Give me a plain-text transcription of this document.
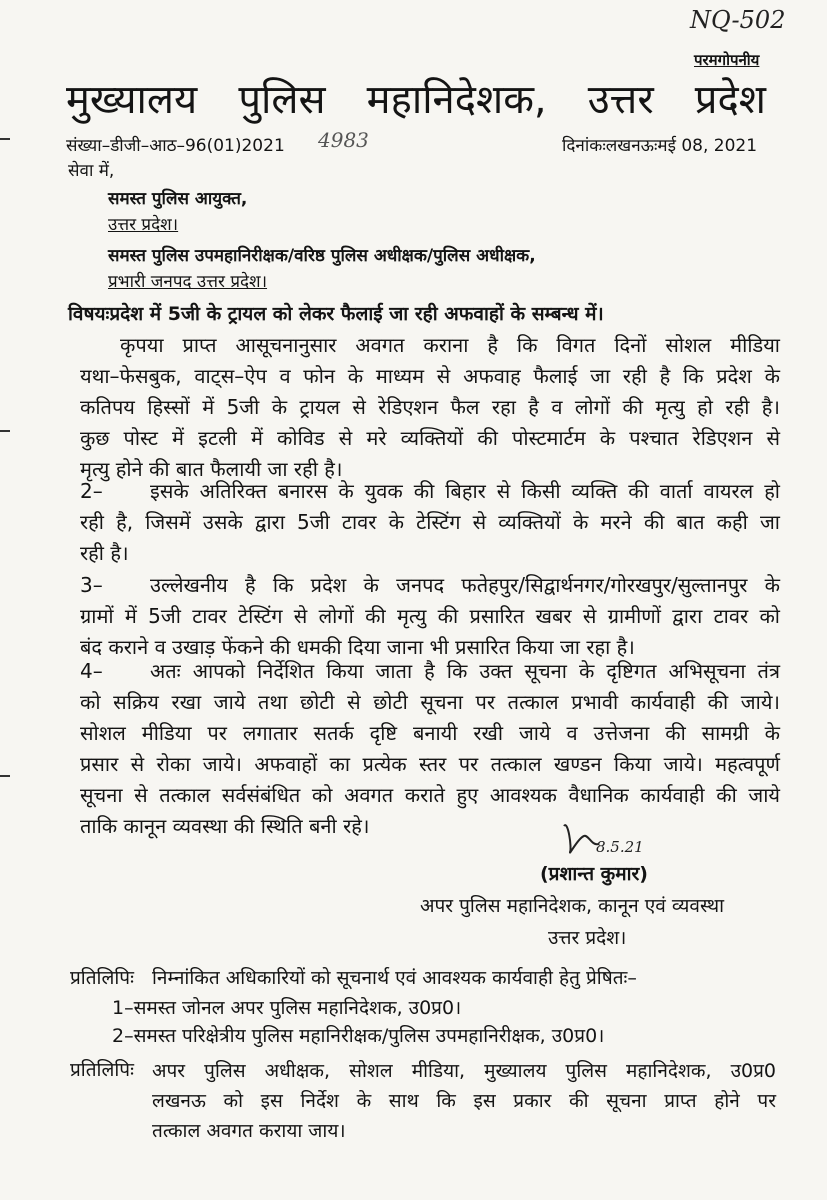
NQ-502
परमगोपनीय
मुख्यालय पुलिस महानिदेशक, उत्तर प्रदेश
संख्या–डीजी–आठ–96(01)2021 4983	दिनांकःलखनऊःमई 08, 2021
सेवा में,
समस्त पुलिस आयुक्त,
उत्तर प्रदेश।
समस्त पुलिस उपमहानिरीक्षक/वरिष्ठ पुलिस अधीक्षक/पुलिस अधीक्षक,
प्रभारी जनपद उत्तर प्रदेश।
विषयःप्रदेश में 5जी के ट्रायल को लेकर फैलाई जा रही अफवाहों के सम्बन्ध में।
कृपया प्राप्त आसूचनानुसार अवगत कराना है कि विगत दिनों सोशल मीडिया
यथा–फेसबुक, वाट्स–ऐप व फोन के माध्यम से अफवाह फैलाई जा रही है कि प्रदेश के
कतिपय हिस्सों में 5जी के ट्रायल से रेडिएशन फैल रहा है व लोगों की मृत्यु हो रही है।
कुछ पोस्ट में इटली में कोविड से मरे व्यक्तियों की पोस्टमार्टम के पश्चात रेडिएशन से
मृत्यु होने की बात फैलायी जा रही है।
2– इसके अतिरिक्त बनारस के युवक की बिहार से किसी व्यक्ति की वार्ता वायरल हो
रही है, जिसमें उसके द्वारा 5जी टावर के टेस्टिंग से व्यक्तियों के मरने की बात कही जा
रही है।
3– उल्लेखनीय है कि प्रदेश के जनपद फतेहपुर/सिद्वार्थनगर/गोरखपुर/सुल्तानपुर के
ग्रामों में 5जी टावर टेस्टिंग से लोगों की मृत्यु की प्रसारित खबर से ग्रामीणों द्वारा टावर को
बंद कराने व उखाड़ फेंकने की धमकी दिया जाना भी प्रसारित किया जा रहा है।
4– अतः आपको निर्देशित किया जाता है कि उक्त सूचना के दृष्टिगत अभिसूचना तंत्र
को सक्रिय रखा जाये तथा छोटी से छोटी सूचना पर तत्काल प्रभावी कार्यवाही की जाये।
सोशल मीडिया पर लगातार सतर्क दृष्टि बनायी रखी जाये व उत्तेजना की सामग्री के
प्रसार से रोका जाये। अफवाहों का प्रत्येक स्तर पर तत्काल खण्डन किया जाये। महत्वपूर्ण
सूचना से तत्काल सर्वसंबंधित को अवगत कराते हुए आवश्यक वैधानिक कार्यवाही की जाये
ताकि कानून व्यवस्था की स्थिति बनी रहे।
8.5.21
(प्रशान्त कुमार)
अपर पुलिस महानिदेशक, कानून एवं व्यवस्था
उत्तर प्रदेश।
प्रतिलिपिः निम्नांकित अधिकारियों को सूचनार्थ एवं आवश्यक कार्यवाही हेतु प्रेषितः–
1–समस्त जोनल अपर पुलिस महानिदेशक, उ0प्र0।
2–समस्त परिक्षेत्रीय पुलिस महानिरीक्षक/पुलिस उपमहानिरीक्षक, उ0प्र0।
प्रतिलिपिः अपर पुलिस अधीक्षक, सोशल मीडिया, मुख्यालय पुलिस महानिदेशक, उ0प्र0
लखनऊ को इस निर्देश के साथ कि इस प्रकार की सूचना प्राप्त होने पर
तत्काल अवगत कराया जाय।
